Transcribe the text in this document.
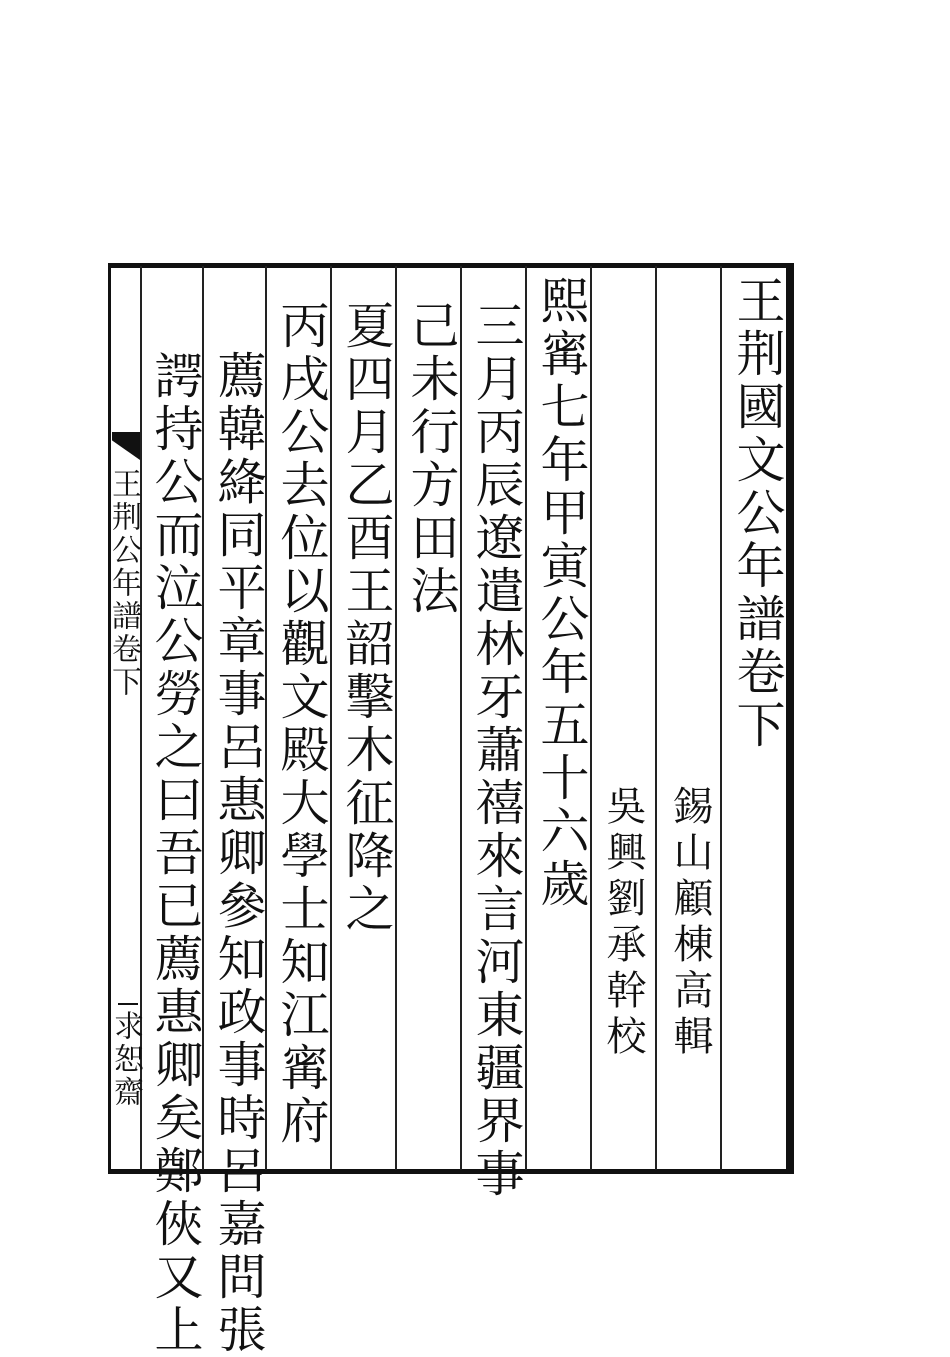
王荆國文公年譜卷下
錫山顧棟高輯
吳興劉承幹校
熙寗七年甲寅公年五十六歲
三月丙辰遼遣林牙蕭禧來言河東疆界事
己未行方田法
夏四月乙酉王韶擊木征降之
丙戌公去位以觀文殿大學士知江寗府
薦韓絳同平章事呂惠卿參知政事時呂嘉問張
諤持公而泣公勞之曰吾已薦惠卿矣鄭俠又上
王荆公年譜卷下
求恕齋
